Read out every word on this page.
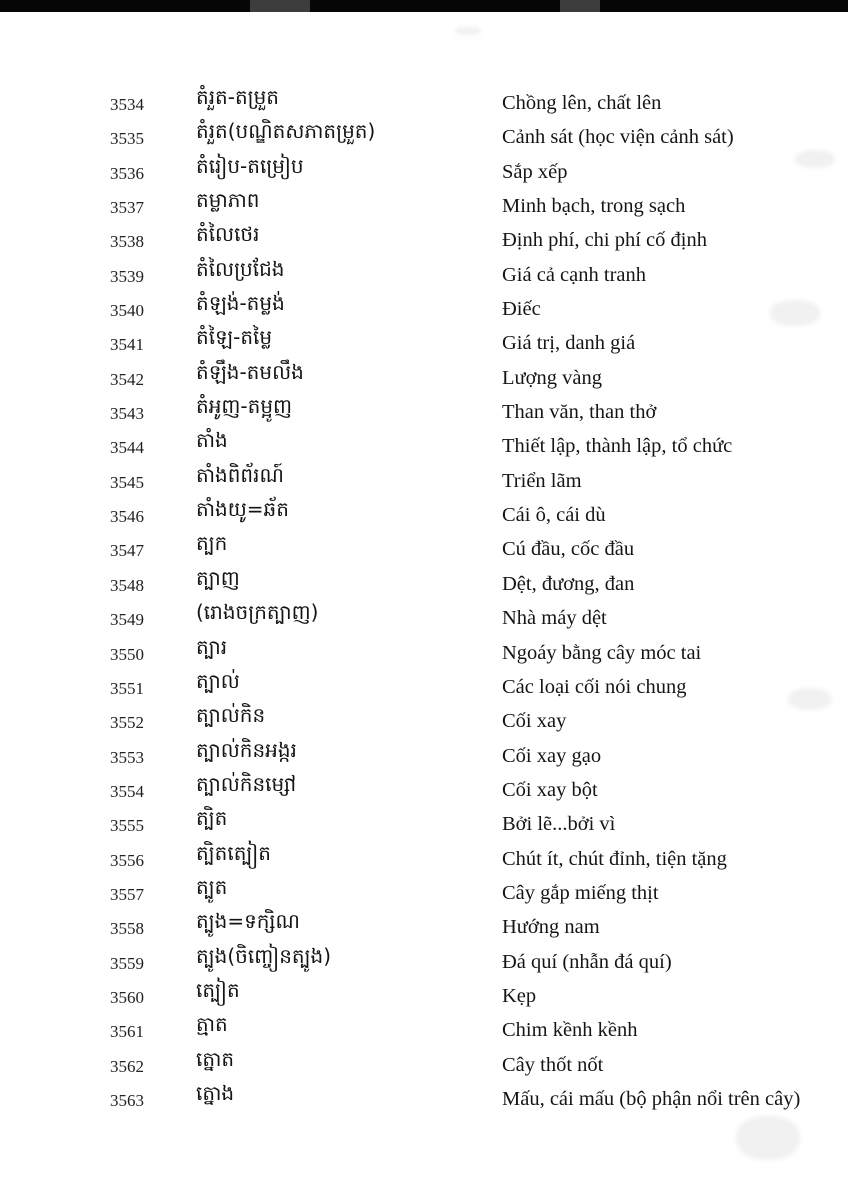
3534	តំរួត-តម្រួត	Chồng lên, chất lên
3535	តំរួត(បណ្ឌិតសភាតម្រួត)	Cảnh sát (học viện cảnh sát)
3536	តំរៀប-តម្រៀប	Sắp xếp
3537	តម្លាភាព	Minh bạch, trong sạch
3538	តំលៃថេរ	Định phí, chi phí cố định
3539	តំលៃប្រជែង	Giá cả cạnh tranh
3540	តំឡង់-តម្លង់	Điếc
3541	តំឡៃ-តម្លៃ	Giá trị, danh giá
3542	តំឡឹង-តមលឹង	Lượng vàng
3543	តំអូញ-តម្អូញ	Than văn, than thở
3544	តាំង	Thiết lập, thành lập, tổ chức
3545	តាំងពិព័រណ៍	Triển lãm
3546	តាំងយូ=ឆ័ត	Cái ô, cái dù
3547	ត្បក	Cú đầu, cốc đầu
3548	ត្បាញ	Dệt, đương, đan
3549	(រោងចក្រត្បាញ)	Nhà máy dệt
3550	ត្បារ	Ngoáy bằng cây móc tai
3551	ត្បាល់	Các loại cối nói chung
3552	ត្បាល់កិន	Cối xay
3553	ត្បាល់កិនអង្ករ	Cối xay gạo
3554	ត្បាល់កិនម្សៅ	Cối xay bột
3555	ត្បិត	Bởi lẽ...bởi vì
3556	ត្បិតត្បៀត	Chút ít, chút đỉnh, tiện tặng
3557	ត្បូត	Cây gắp miếng thịt
3558	ត្បូង=ទក្សិណ	Hướng nam
3559	ត្បូង(ចិញ្ចៀនត្បូង)	Đá quí (nhẫn đá quí)
3560	ត្បៀត	Kẹp
3561	ត្មាត	Chim kềnh kềnh
3562	ត្នោត	Cây thốt nốt
3563	ត្នោង	Mấu, cái mấu (bộ phận nổi trên cây)
